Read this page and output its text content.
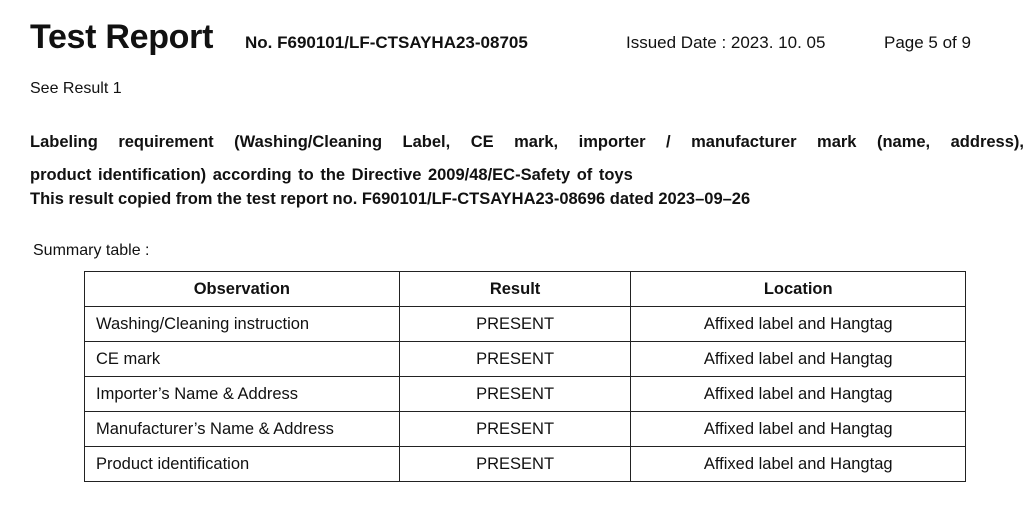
Test Report No. F690101/LF-CTSAYHA23-08705	Issued Date : 2023. 10. 05	Page 5 of 9
See Result 1
Labeling requirement (Washing/Cleaning Label, CE mark, importer / manufacturer mark (name, address),
product identification) according to the Directive 2009/48/EC-Safety of toys
This result copied from the test report no. F690101/LF-CTSAYHA23-08696 dated 2023–09–26
Summary table :
Observation	Result	Location
Washing/Cleaning instruction	PRESENT	Affixed label and Hangtag
CE mark	PRESENT	Affixed label and Hangtag
Importer’s Name & Address	PRESENT	Affixed label and Hangtag
Manufacturer’s Name & Address	PRESENT	Affixed label and Hangtag
Product identification	PRESENT	Affixed label and Hangtag
